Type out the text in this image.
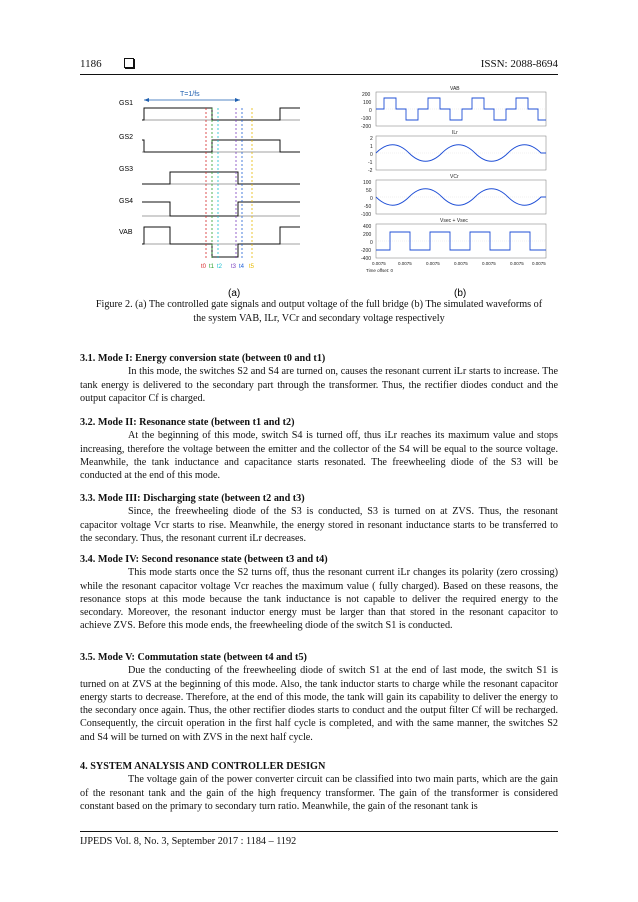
1186	ISSN: 2088-8694
GS1
GS2
GS3
GS4
VAB
T=1/fs
t0 t1 t2 t3 t4 t5
(a)
VAB
200
100
0
-100
-200
ILr
2
1
0
-1
-2
VCr
100
50
0
-50
-100
Vsec + Vsec
400
200
0
-200
-400
0.0075	0.0075	0.0075	0.0075	0.0075	0.0075 0.0075
Time offset: 0
(b)
Figure 2. (a) The controlled gate signals and output voltage of the full bridge (b) The simulated waveforms of
the system VAB, ILr, VCr and secondary voltage respectively

3.1. Mode I: Energy conversion state (between t0 and t1)

In this mode, the switches S2 and S4 are turned on, causes the resonant current iLr starts to increase. The tank energy is delivered to the secondary part through the transformer. Thus, the rectifier diodes conduct and the output capacitor Cf is charged.

3.2. Mode II: Resonance state (between t1 and t2)

At the beginning of this mode, switch S4 is turned off, thus iLr reaches its maximum value and stops increasing, therefore the voltage between the emitter and the collector of the S4 will be equal to the source voltage. Meanwhile, the tank inductance and capacitance starts resonated. The freewheeling diode of the S3 will be conducted at the end of this mode.

3.3. Mode III: Discharging state (between t2 and t3)

Since, the freewheeling diode of the S3 is conducted, S3 is turned on at ZVS. Thus, the resonant capacitor voltage Vcr starts to rise. Meanwhile, the energy stored in resonant inductance starts to be transferred to the secondary. Thus, the resonant current iLr decreases.

3.4. Mode IV: Second resonance state (between t3 and t4)

This mode starts once the S2 turns off, thus the resonant current iLr changes its polarity (zero crossing) while the resonant capacitor voltage Vcr reaches the maximum value ( fully charged). Based on these reasons, the resonance stops at this mode because the tank inductance is not capable to deliver the required energy to the secondary. Moreover, the resonant inductor energy must be larger than that stored in the resonant capacitor to achieve ZVS. Before this mode ends, the freewheeling diode of the switch S1 is conducted.

3.5. Mode V: Commutation state (between t4 and t5)

Due the conducting of the freewheeling diode of switch S1 at the end of last mode, the switch S1 is turned on at ZVS at the beginning of this mode. Also, the tank inductor starts to charge while the resonant capacitor energy starts to decrease. Therefore, at the end of this mode, the tank will gain its capability to deliver the energy to the secondary once again. Thus, the other rectifier diodes starts to conduct and the output filter Cf will be recharged. Consequently, the circuit operation in the first half cycle is completed, and with the same manner, the switches S2 and S4 will be turned on with ZVS in the next half cycle.

4. SYSTEM ANALYSIS AND CONTROLLER DESIGN

The voltage gain of the power converter circuit can be classified into two main parts, which are the gain of the resonant tank and the gain of the high frequency transformer. The gain of the transformer is considered constant based on the primary to secondary turn ratio. Meanwhile, the gain of the resonant tank is

IJPEDS Vol. 8, No. 3, September 2017 : 1184 – 1192
